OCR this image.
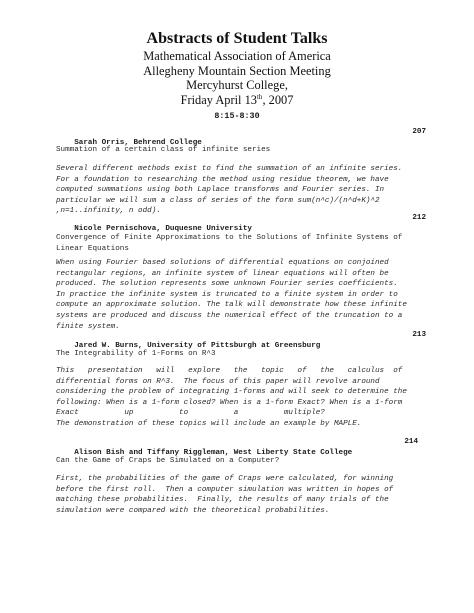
Abstracts of Student Talks
Mathematical Association of America
Allegheny Mountain Section Meeting
Mercyhurst College,
Friday April 13th, 2007
8:15-8:30

Sarah Orris, Behrend College

207

Summation of a certain class of infinite series
Several different methods exist to find the summation of an infinite series.
For a foundation to researching the method using residue theorem, we have
computed summations using both Laplace transforms and Fourier series. In
particular we will sum a class of series of the form sum(n^c)/(n^d+K)^2
,n=1..infinity, n odd).

Nicole Pernischova, Duquesne University

212

Convergence of Finite Approximations to the Solutions of Infinite Systems of
Linear Equations
When using Fourier based solutions of differential equations on conjoined
rectangular regions, an infinite system of linear equations will often be
produced. The solution represents some unknown Fourier series coefficients.
In practice the infinite system is truncated to a finite system in order to
compute an approximate solution. The talk will demonstrate how these infinite
systems are produced and discuss the numerical effect of the truncation to a
finite system.

Jared W. Burns, University of Pittsburgh at Greensburg

213

The Integrability of 1-Forms on R^3
This   presentation   will   explore   the   topic   of   the   calculus  of
differential forms on R^3.  The focus of this paper will revolve around
considering the problem of integrating 1-forms and will seek to determine the
following: When is a 1-form closed? When is a 1-form Exact? When is a 1-form
Exact          up          to          a          multiple?
The demonstration of these topics will include an example by MAPLE.

Alison Bish and Tiffany Riggleman, West Liberty State College

214

Can the Game of Craps be Simulated on a Computer?
First, the probabilities of the game of Craps were calculated, for winning
before the first roll.  Then a computer simulation was written in hopes of
matching these probabilities.  Finally, the results of many trials of the
simulation were compared with the theoretical probabilities.
